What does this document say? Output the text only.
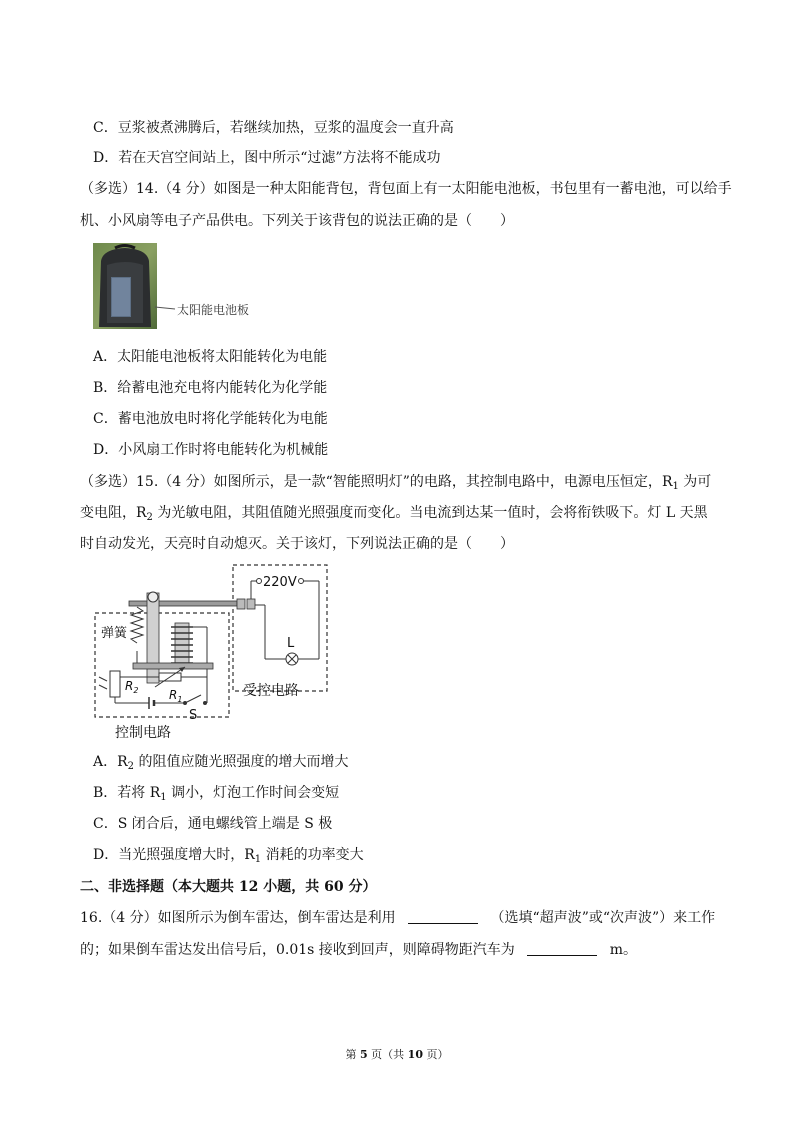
C．豆浆被煮沸腾后，若继续加热，豆浆的温度会一直升高
D．若在天宫空间站上，图中所示“过滤”方法将不能成功
（多选）14.（4 分）如图是一种太阳能背包，背包面上有一太阳能电池板，书包里有一蓄电池，可以给手
机、小风扇等电子产品供电。下列关于该背包的说法正确的是（　　）
太阳能电池板
A．太阳能电池板将太阳能转化为电能
B．给蓄电池充电将内能转化为化学能
C．蓄电池放电时将化学能转化为电能
D．小风扇工作时将电能转化为机械能
（多选）15.（4 分）如图所示，是一款“智能照明灯”的电路，其控制电路中，电源电压恒定，$R_1$ 为可
变电阻，$R_2$ 为光敏电阻，其阻值随光照强度而变化。当电流到达某一值时，会将衔铁吸下。灯 L 天黑
时自动发光，天亮时自动熄灭。关于该灯，下列说法正确的是（　　）
220V
L
弹簧
$R_1$
$R_2$
S
受控电路
控制电路
A．$R_2$ 的阻值应随光照强度的增大而增大
B．若将 $R_1$ 调小，灯泡工作时间会变短
C．S 闭合后，通电螺线管上端是 S 极
D．当光照强度增大时，$R_1$ 消耗的功率变大
二、非选择题（本大题共 12 小题，共 60 分）
16.（4 分）如图所示为倒车雷达，倒车雷达是利用	（选填“超声波”或“次声波”）来工作
的；如果倒车雷达发出信号后，0.01s 接收到回声，则障碍物距汽车为	m。
第 5 页（共 10 页）
